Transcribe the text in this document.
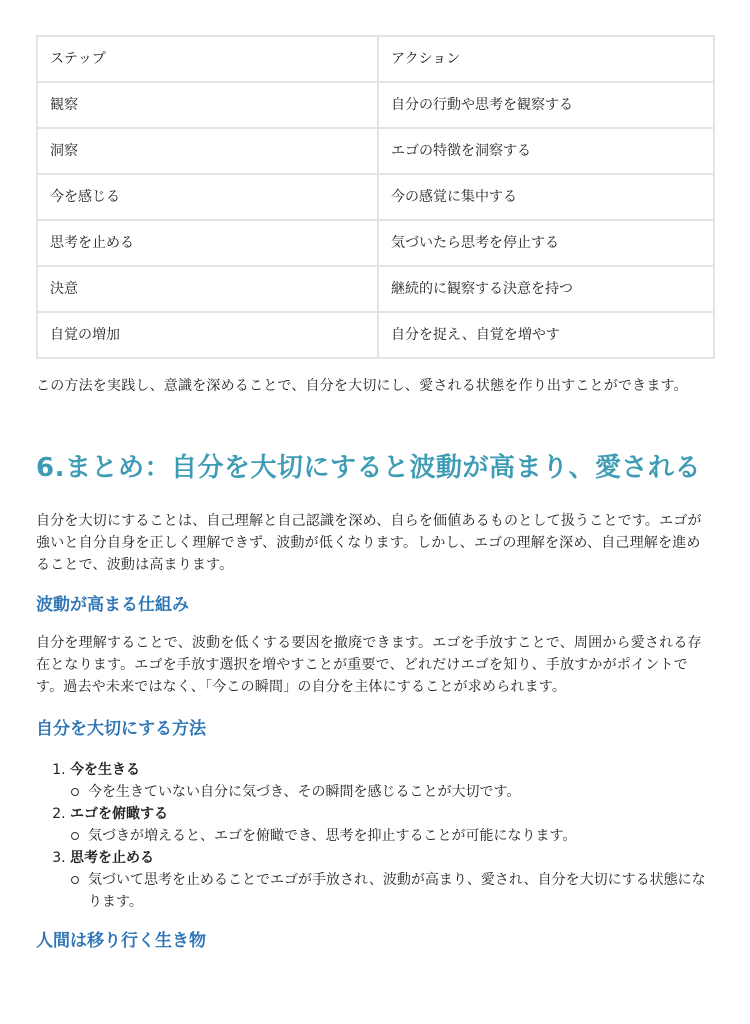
ステップ	アクション
観察	自分の行動や思考を観察する
洞察	エゴの特徴を洞察する
今を感じる	今の感覚に集中する
思考を止める	気づいたら思考を停止する
決意	継続的に観察する決意を持つ
自覚の増加	自分を捉え、自覚を増やす

この方法を実践し、意識を深めることで、自分を大切にし、愛される状態を作り出すことができます。

6.まとめ：自分を大切にすると波動が高まり、愛される

自分を大切にすることは、自己理解と自己認識を深め、自らを価値あるものとして扱うことです。エゴが強いと自分自身を正しく理解できず、波動が低くなります。しかし、エゴの理解を深め、自己理解を進めることで、波動は高まります。

波動が高まる仕組み

自分を理解することで、波動を低くする要因を撤廃できます。エゴを手放すことで、周囲から愛される存在となります。エゴを手放す選択を増やすことが重要で、どれだけエゴを知り、手放すかがポイントです。過去や未来ではなく、「今この瞬間」の自分を主体にすることが求められます。

自分を大切にする方法
1. 今を生きる
今を生きていない自分に気づき、その瞬間を感じることが大切です。
2. エゴを俯瞰する
気づきが増えると、エゴを俯瞰でき、思考を抑止することが可能になります。
3. 思考を止める
気づいて思考を止めることでエゴが手放され、波動が高まり、愛され、自分を大切にする状態になります。
人間は移り行く生き物
